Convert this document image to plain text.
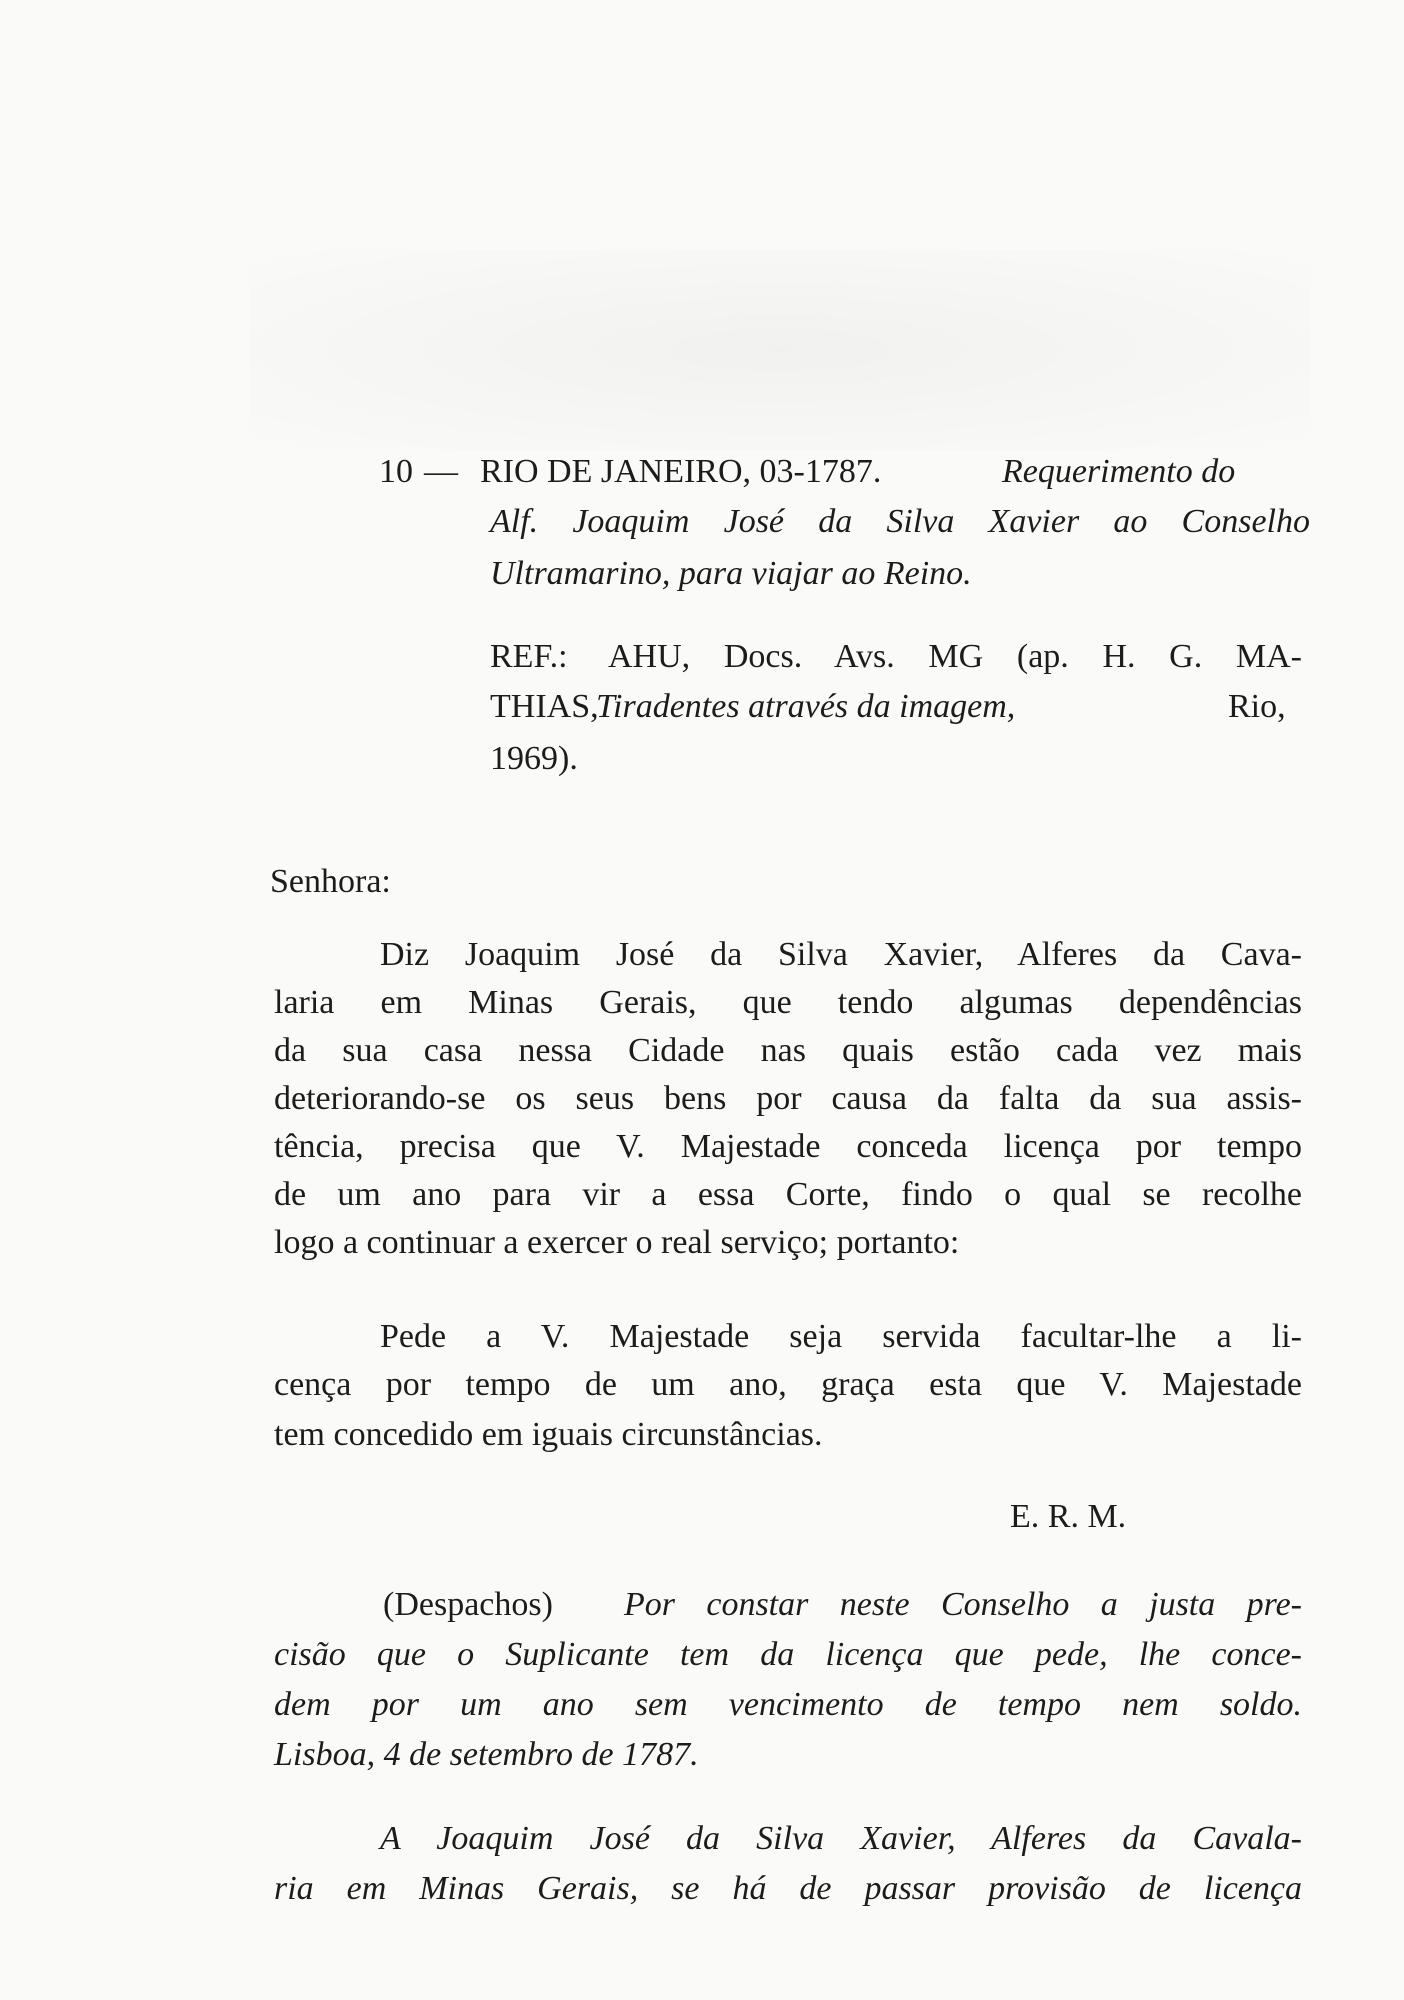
10 — RIO DE JANEIRO, 03-1787.	Requerimento do
Alf. Joaquim José da Silva Xavier ao Conselho
Ultramarino, para viajar ao Reino.
REF.: AHU, Docs. Avs. MG (ap. H. G. MA-
THIAS,
Tiradentes através da imagem,	Rio,
1969).
Senhora:
Diz Joaquim José da Silva Xavier, Alferes da Cava-
laria em Minas Gerais, que tendo algumas dependências
da sua casa nessa Cidade nas quais estão cada vez mais
deteriorando-se os seus bens por causa da falta da sua assis-
tência, precisa que V. Majestade conceda licença por tempo
de um ano para vir a essa Corte, findo o qual se recolhe
logo a continuar a exercer o real serviço; portanto:
Pede a V. Majestade seja servida facultar-lhe a li-
cença por tempo de um ano, graça esta que V. Majestade
tem concedido em iguais circunstâncias.
E. R. M.
(Despachos) Por constar neste Conselho a justa pre-
cisão que o Suplicante tem da licença que pede, lhe conce-
dem por um ano sem vencimento de tempo nem soldo.
Lisboa, 4 de setembro de 1787.
A Joaquim José da Silva Xavier, Alferes da Cavala-
ria em Minas Gerais, se há de passar provisão de licença
